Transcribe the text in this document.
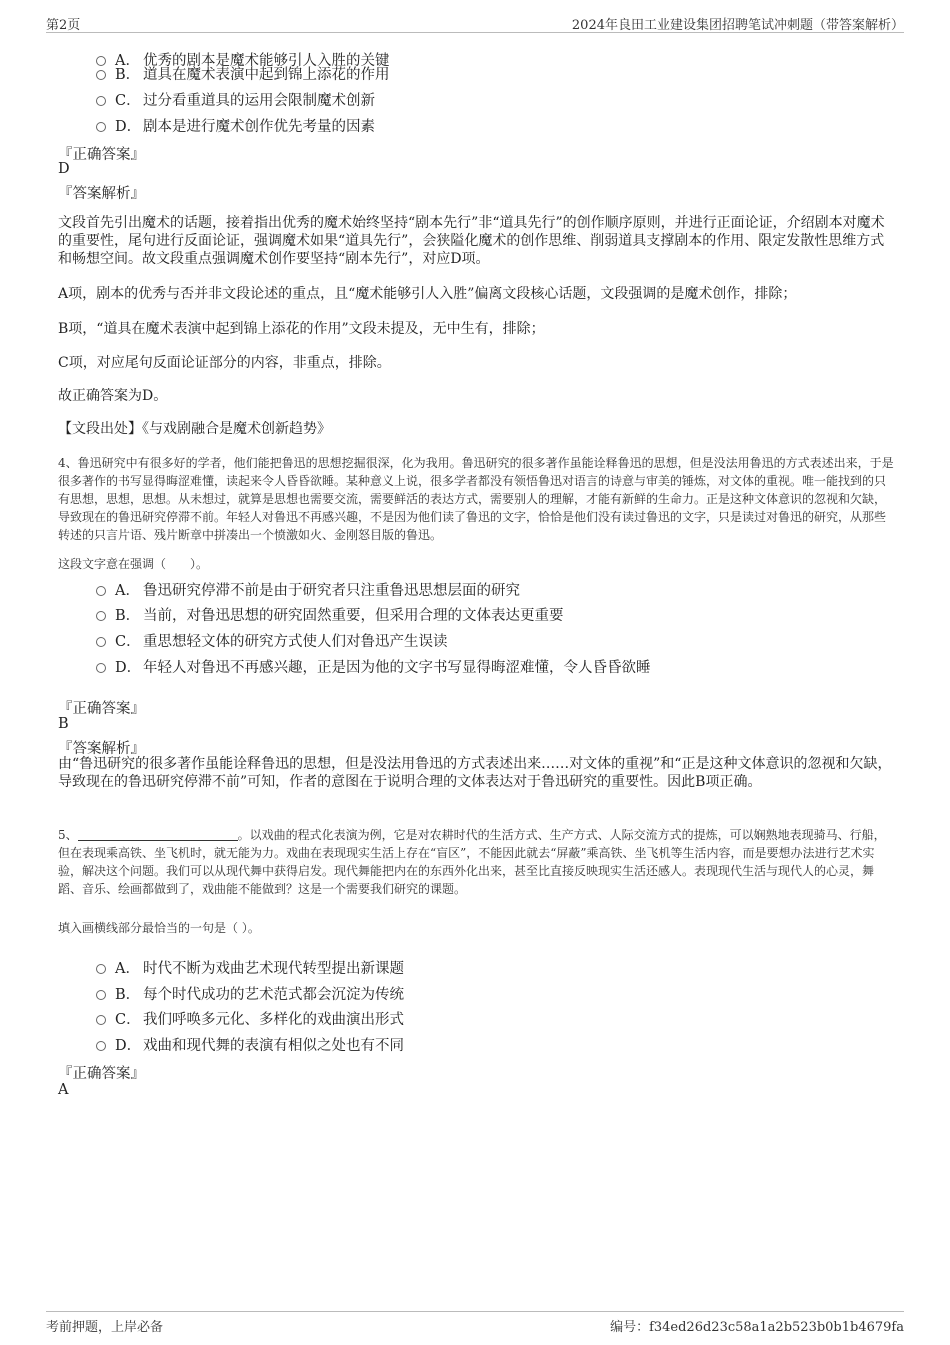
第2页	2024年良田工业建设集团招聘笔试冲刺题（带答案解析）
A． 优秀的剧本是魔术能够引人入胜的关键
B． 道具在魔术表演中起到锦上添花的作用
C． 过分看重道具的运用会限制魔术创新
D． 剧本是进行魔术创作优先考量的因素
『正确答案』
D
『答案解析』
文段首先引出魔术的话题，接着指出优秀的魔术始终坚持“剧本先行”非“道具先行”的创作顺序原则，并进行正面论证，介绍剧本对魔术的重要性，尾句进行反面论证，强调魔术如果“道具先行”，会狭隘化魔术的创作思维、削弱道具支撑剧本的作用、限定发散性思维方式和畅想空间。故文段重点强调魔术创作要坚持“剧本先行”，对应D项。
A项，剧本的优秀与否并非文段论述的重点，且“魔术能够引人入胜”偏离文段核心话题，文段强调的是魔术创作，排除；
B项，“道具在魔术表演中起到锦上添花的作用”文段未提及，无中生有，排除；
C项，对应尾句反面论证部分的内容，非重点，排除。
故正确答案为D。
【文段出处】《与戏剧融合是魔术创新趋势》
4、鲁迅研究中有很多好的学者，他们能把鲁迅的思想挖掘很深，化为我用。鲁迅研究的很多著作虽能诠释鲁迅的思想，但是没法用鲁迅的方式表述出来，于是很多著作的书写显得晦涩难懂，读起来令人昏昏欲睡。某种意义上说，很多学者都没有领悟鲁迅对语言的诗意与审美的锤炼，对文体的重视。唯一能找到的只有思想，思想，思想。从未想过，就算是思想也需要交流，需要鲜活的表达方式，需要别人的理解，才能有新鲜的生命力。正是这种文体意识的忽视和欠缺，导致现在的鲁迅研究停滞不前。年轻人对鲁迅不再感兴趣，不是因为他们读了鲁迅的文字，恰恰是他们没有读过鲁迅的文字，只是读过对鲁迅的研究，从那些转述的只言片语、残片断章中拼凑出一个愤激如火、金刚怒目版的鲁迅。
这段文字意在强调（　　）。
A． 鲁迅研究停滞不前是由于研究者只注重鲁迅思想层面的研究
B． 当前，对鲁迅思想的研究固然重要，但采用合理的文体表达更重要
C． 重思想轻文体的研究方式使人们对鲁迅产生误读
D． 年轻人对鲁迅不再感兴趣，正是因为他的文字书写显得晦涩难懂，令人昏昏欲睡
『正确答案』
B
『答案解析』
由“鲁迅研究的很多著作虽能诠释鲁迅的思想，但是没法用鲁迅的方式表述出来……对文体的重视”和“正是这种文体意识的忽视和欠缺，导致现在的鲁迅研究停滞不前”可知，作者的意图在于说明合理的文体表达对于鲁迅研究的重要性。因此B项正确。
5、	。以戏曲的程式化表演为例，它是对农耕时代的生活方式、生产方式、人际交流方式的提炼，可以娴熟地表现骑马、行船，但在表现乘高铁、坐飞机时，就无能为力。戏曲在表现现实生活上存在“盲区”，不能因此就去“屏蔽”乘高铁、坐飞机等生活内容，而是要想办法进行艺术实验，解决这个问题。我们可以从现代舞中获得启发。现代舞能把内在的东西外化出来，甚至比直接反映现实生活还感人。表现现代生活与现代人的心灵，舞蹈、音乐、绘画都做到了，戏曲能不能做到？这是一个需要我们研究的课题。
填入画横线部分最恰当的一句是（ ）。
A． 时代不断为戏曲艺术现代转型提出新课题
B． 每个时代成功的艺术范式都会沉淀为传统
C． 我们呼唤多元化、多样化的戏曲演出形式
D． 戏曲和现代舞的表演有相似之处也有不同
『正确答案』
A
考前押题，上岸必备	编号：f34ed26d23c58a1a2b523b0b1b4679fa
